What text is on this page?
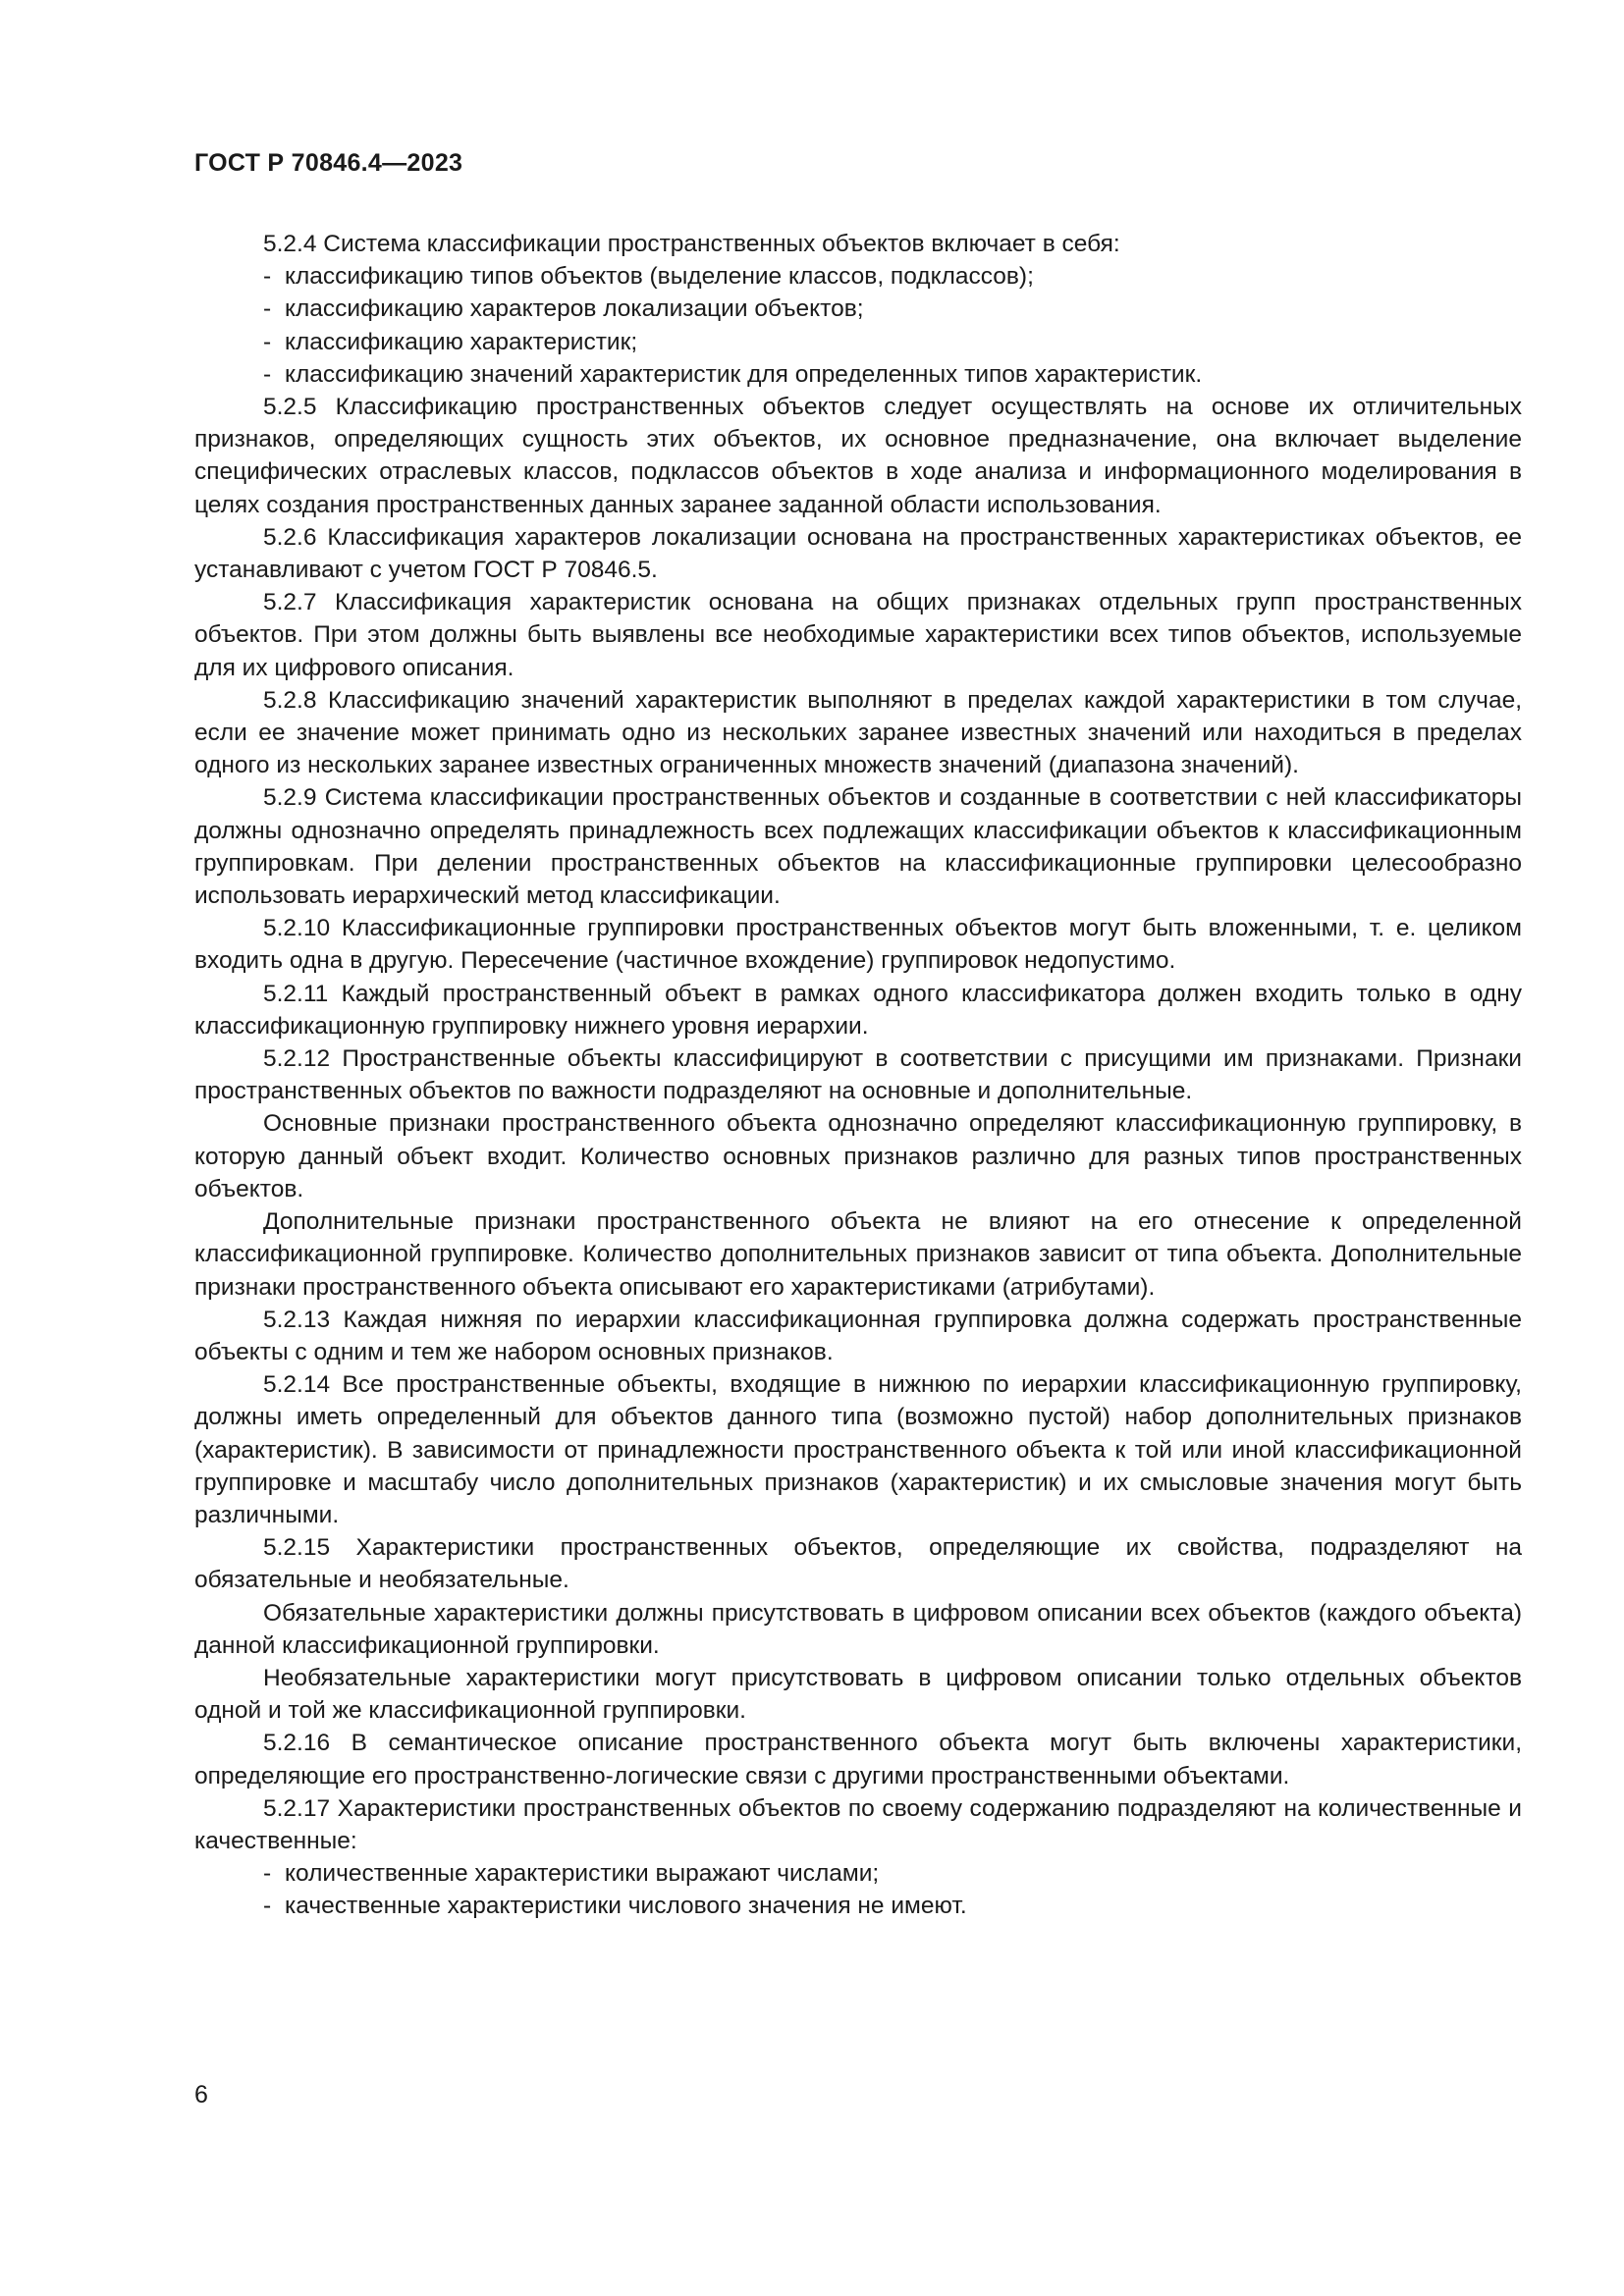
ГОСТ Р 70846.4—2023

5.2.4 Система классификации пространственных объектов включает в себя:

- классификацию типов объектов (выделение классов, подклассов);

- классификацию характеров локализации объектов;

- классификацию характеристик;

- классификацию значений характеристик для определенных типов характеристик.

5.2.5 Классификацию пространственных объектов следует осуществлять на основе их отличительных признаков, определяющих сущность этих объектов, их основное предназначение, она включает выделение специфических отраслевых классов, подклассов объектов в ходе анализа и информационного моделирования в целях создания пространственных данных заранее заданной области использования.

5.2.6 Классификация характеров локализации основана на пространственных характеристиках объектов, ее устанавливают с учетом ГОСТ Р 70846.5.

5.2.7 Классификация характеристик основана на общих признаках отдельных групп пространственных объектов. При этом должны быть выявлены все необходимые характеристики всех типов объектов, используемые для их цифрового описания.

5.2.8 Классификацию значений характеристик выполняют в пределах каждой характеристики в том случае, если ее значение может принимать одно из нескольких заранее известных значений или находиться в пределах одного из нескольких заранее известных ограниченных множеств значений (диапазона значений).

5.2.9 Система классификации пространственных объектов и созданные в соответствии с ней классификаторы должны однозначно определять принадлежность всех подлежащих классификации объектов к классификационным группировкам. При делении пространственных объектов на классификационные группировки целесообразно использовать иерархический метод классификации.

5.2.10 Классификационные группировки пространственных объектов могут быть вложенными, т. е. целиком входить одна в другую. Пересечение (частичное вхождение) группировок недопустимо.

5.2.11 Каждый пространственный объект в рамках одного классификатора должен входить только в одну классификационную группировку нижнего уровня иерархии.

5.2.12 Пространственные объекты классифицируют в соответствии с присущими им признаками. Признаки пространственных объектов по важности подразделяют на основные и дополнительные.

Основные признаки пространственного объекта однозначно определяют классификационную группировку, в которую данный объект входит. Количество основных признаков различно для разных типов пространственных объектов.

Дополнительные признаки пространственного объекта не влияют на его отнесение к определенной классификационной группировке. Количество дополнительных признаков зависит от типа объекта. Дополнительные признаки пространственного объекта описывают его характеристиками (атрибутами).

5.2.13 Каждая нижняя по иерархии классификационная группировка должна содержать пространственные объекты с одним и тем же набором основных признаков.

5.2.14 Все пространственные объекты, входящие в нижнюю по иерархии классификационную группировку, должны иметь определенный для объектов данного типа (возможно пустой) набор дополнительных признаков (характеристик). В зависимости от принадлежности пространственного объекта к той или иной классификационной группировке и масштабу число дополнительных признаков (характеристик) и их смысловые значения могут быть различными.

5.2.15 Характеристики пространственных объектов, определяющие их свойства, подразделяют на обязательные и необязательные.

Обязательные характеристики должны присутствовать в цифровом описании всех объектов (каждого объекта) данной классификационной группировки.

Необязательные характеристики могут присутствовать в цифровом описании только отдельных объектов одной и той же классификационной группировки.

5.2.16 В семантическое описание пространственного объекта могут быть включены характеристики, определяющие его пространственно-логические связи с другими пространственными объектами.

5.2.17 Характеристики пространственных объектов по своему содержанию подразделяют на количественные и качественные:

- количественные характеристики выражают числами;

- качественные характеристики числового значения не имеют.

6
